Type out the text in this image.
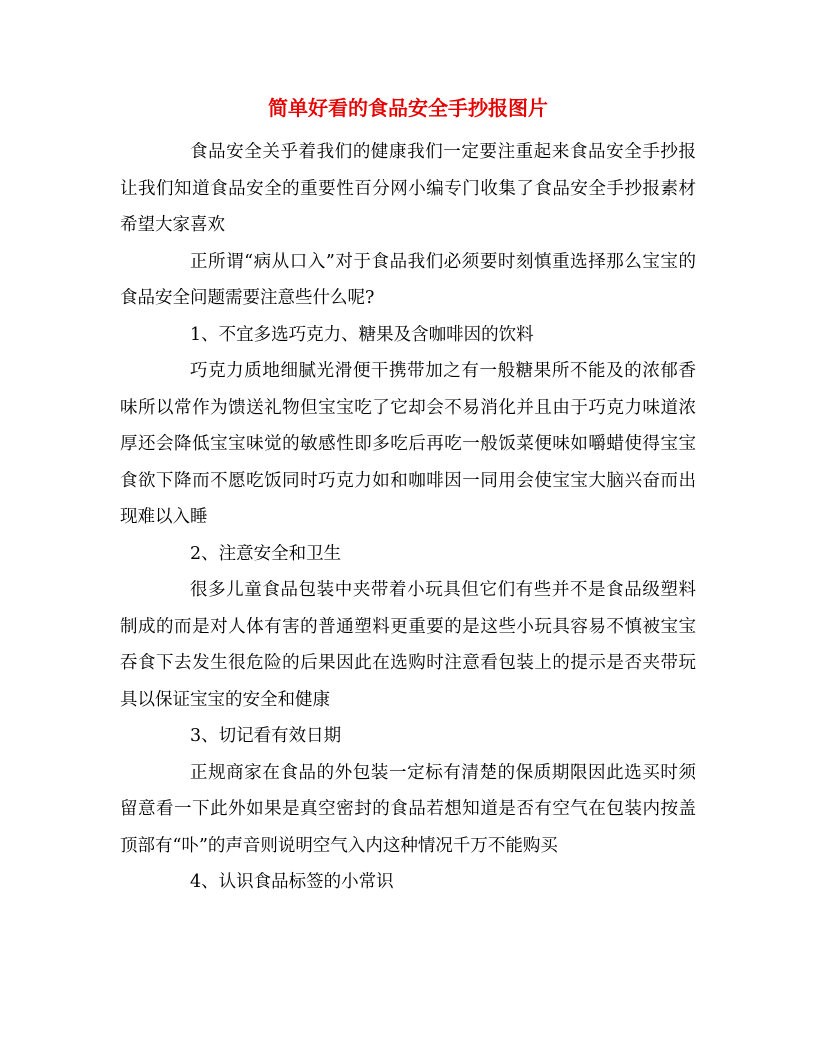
简单好看的食品安全手抄报图片

食品安全关乎着我们的健康我们一定要注重起来食品安全手抄报让我们知道食品安全的重要性百分网小编专门收集了食品安全手抄报素材希望大家喜欢

正所谓“病从口入”对于食品我们必须要时刻慎重选择那么宝宝的食品安全问题需要注意些什么呢?

1、不宜多选巧克力、糖果及含咖啡因的饮料

巧克力质地细腻光滑便干携带加之有一般糖果所不能及的浓郁香味所以常作为馈送礼物但宝宝吃了它却会不易消化并且由于巧克力味道浓厚还会降低宝宝味觉的敏感性即多吃后再吃一般饭菜便味如嚼蜡使得宝宝食欲下降而不愿吃饭同时巧克力如和咖啡因一同用会使宝宝大脑兴奋而出现难以入睡

2、注意安全和卫生

很多儿童食品包装中夹带着小玩具但它们有些并不是食品级塑料制成的而是对人体有害的普通塑料更重要的是这些小玩具容易不慎被宝宝吞食下去发生很危险的后果因此在选购时注意看包装上的提示是否夹带玩具以保证宝宝的安全和健康

3、切记看有效日期

正规商家在食品的外包装一定标有清楚的保质期限因此选买时须留意看一下此外如果是真空密封的食品若想知道是否有空气在包装内按盖顶部有“卟”的声音则说明空气入内这种情况千万不能购买

4、认识食品标签的小常识
